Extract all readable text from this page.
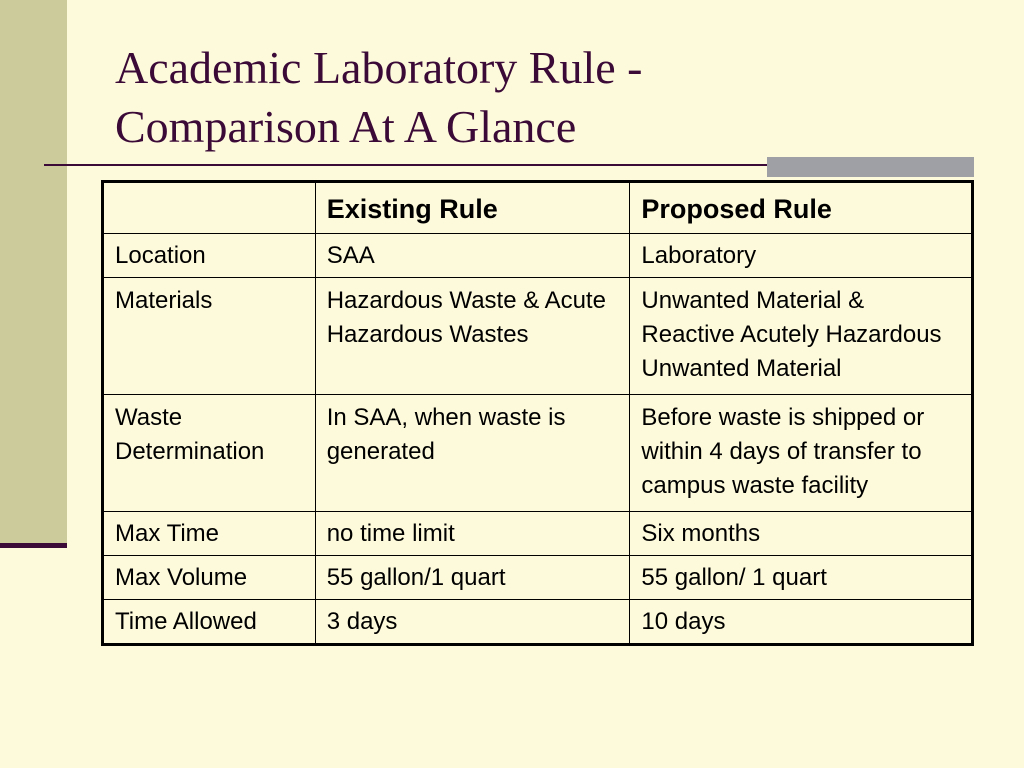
Academic Laboratory Rule -
Comparison At A Glance
	Existing Rule	Proposed Rule
Location	SAA	Laboratory
Materials	Hazardous Waste & Acute Hazardous Wastes	Unwanted Material & Reactive Acutely Hazardous Unwanted Material
Waste Determination	In SAA, when waste is generated	Before waste is shipped or within 4 days of transfer to campus waste facility
Max Time	no time limit	Six months
Max Volume	55 gallon/1 quart	55 gallon/ 1 quart
Time Allowed	3 days	10 days
